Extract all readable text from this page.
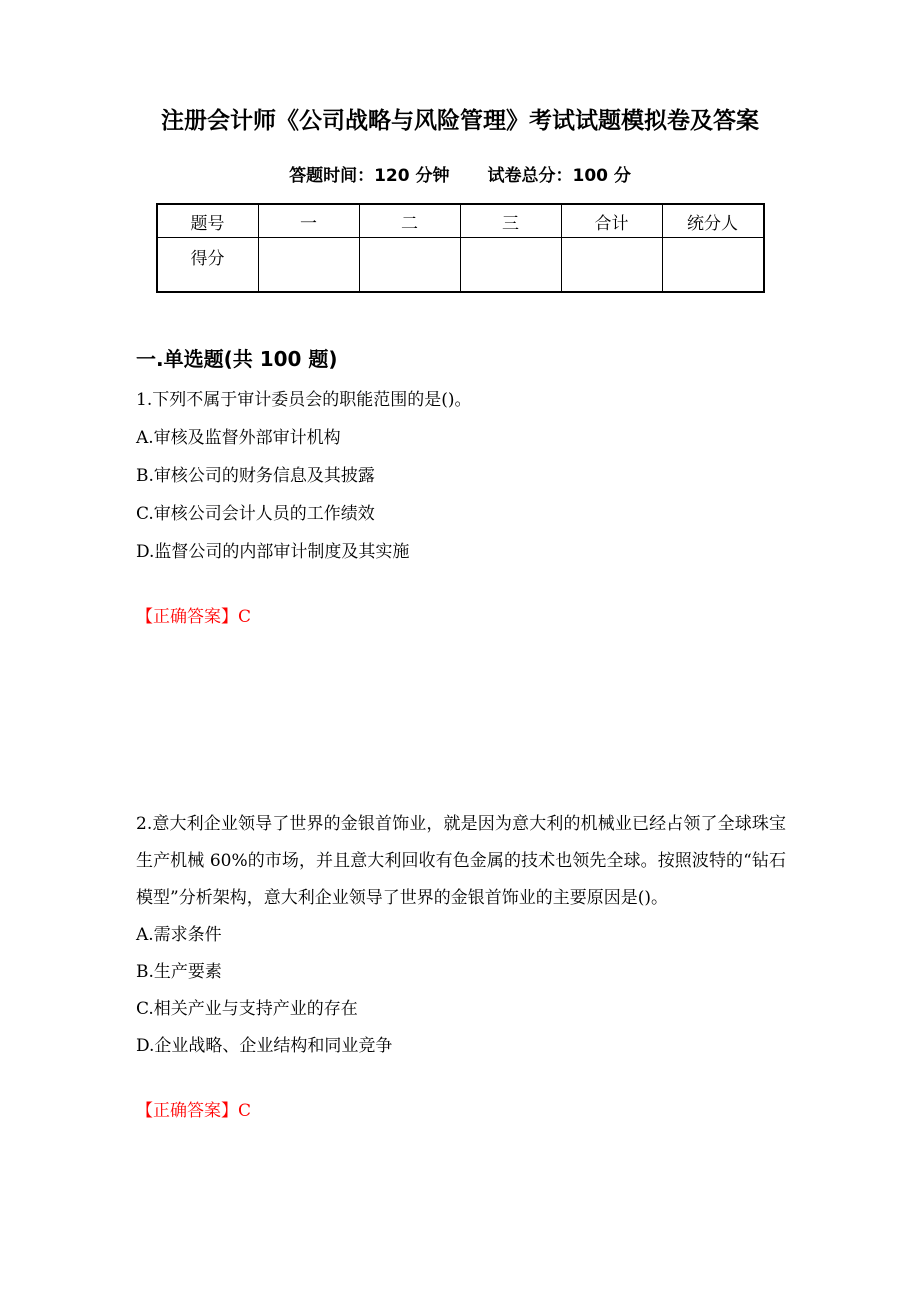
注册会计师《公司战略与风险管理》考试试题模拟卷及答案
答题时间：120 分钟 试卷总分：100 分
题号	一	二	三	合计	统分人
得分					
一.单选题(共 100 题)

1.下列不属于审计委员会的职能范围的是()。

A.审核及监督外部审计机构

B.审核公司的财务信息及其披露

C.审核公司会计人员的工作绩效

D.监督公司的内部审计制度及其实施

【正确答案】C

2.意大利企业领导了世界的金银首饰业，就是因为意大利的机械业已经占领了全球珠宝生产机械 60%的市场，并且意大利回收有色金属的技术也领先全球。按照波特的“钻石模型”分析架构，意大利企业领导了世界的金银首饰业的主要原因是()。

A.需求条件

B.生产要素

C.相关产业与支持产业的存在

D.企业战略、企业结构和同业竞争

【正确答案】C
